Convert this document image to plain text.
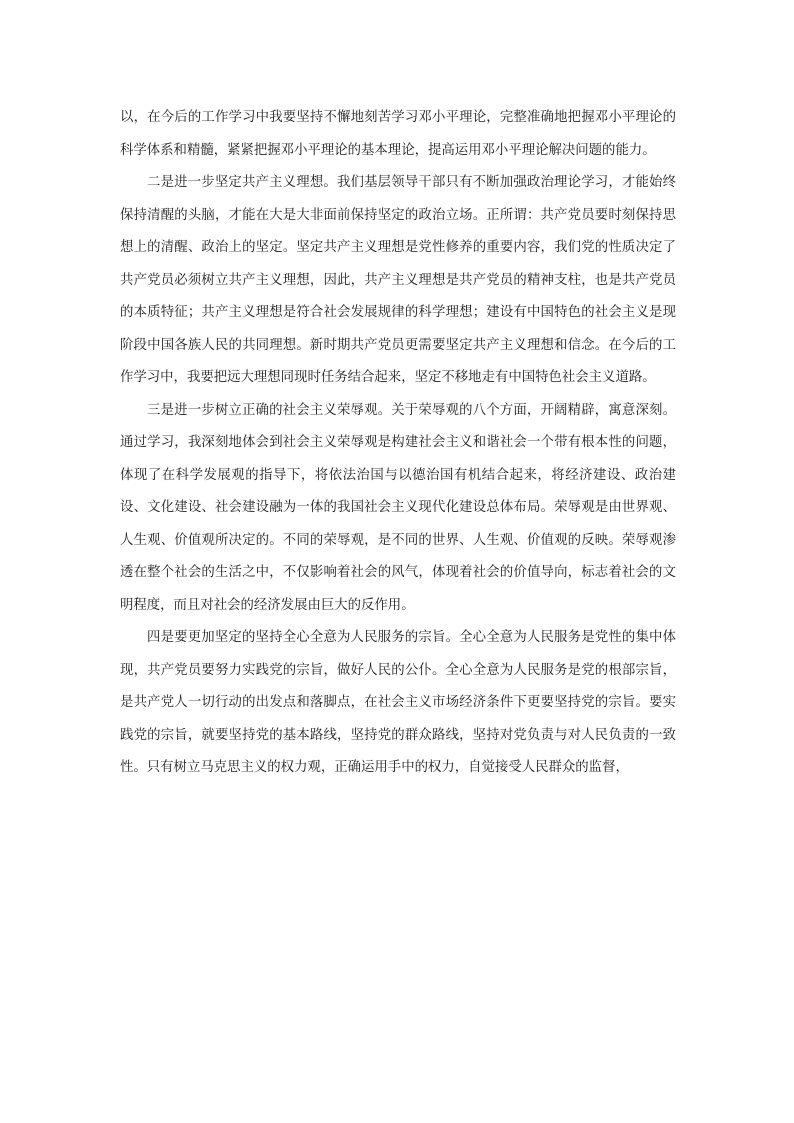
以，在今后的工作学习中我要坚持不懈地刻苦学习邓小平理论，完整准确地把握邓小平理论的科学体系和精髓，紧紧把握邓小平理论的基本理论，提高运用邓小平理论解决问题的能力。

二是进一步坚定共产主义理想。我们基层领导干部只有不断加强政治理论学习，才能始终保持清醒的头脑，才能在大是大非面前保持坚定的政治立场。正所谓：共产党员要时刻保持思想上的清醒、政治上的坚定。坚定共产主义理想是党性修养的重要内容，我们党的性质决定了共产党员必须树立共产主义理想，因此，共产主义理想是共产党员的精神支柱，也是共产党员的本质特征；共产主义理想是符合社会发展规律的科学理想；建设有中国特色的社会主义是现阶段中国各族人民的共同理想。新时期共产党员更需要坚定共产主义理想和信念。在今后的工作学习中，我要把远大理想同现时任务结合起来，坚定不移地走有中国特色社会主义道路。

三是进一步树立正确的社会主义荣辱观。关于荣辱观的八个方面，开阔精辟，寓意深刻。通过学习，我深刻地体会到社会主义荣辱观是构建社会主义和谐社会一个带有根本性的问题，体现了在科学发展观的指导下，将依法治国与以德治国有机结合起来，将经济建设、政治建设、文化建设、社会建设融为一体的我国社会主义现代化建设总体布局。荣辱观是由世界观、人生观、价值观所决定的。不同的荣辱观，是不同的世界、人生观、价值观的反映。荣辱观渗透在整个社会的生活之中，不仅影响着社会的风气，体现着社会的价值导向，标志着社会的文明程度，而且对社会的经济发展由巨大的反作用。

四是要更加坚定的坚持全心全意为人民服务的宗旨。全心全意为人民服务是党性的集中体现，共产党员要努力实践党的宗旨，做好人民的公仆。全心全意为人民服务是党的根部宗旨，是共产党人一切行动的出发点和落脚点，在社会主义市场经济条件下更要坚持党的宗旨。要实践党的宗旨，就要坚持党的基本路线，坚持党的群众路线，坚持对党负责与对人民负责的一致性。只有树立马克思主义的权力观，正确运用手中的权力，自觉接受人民群众的监督，
